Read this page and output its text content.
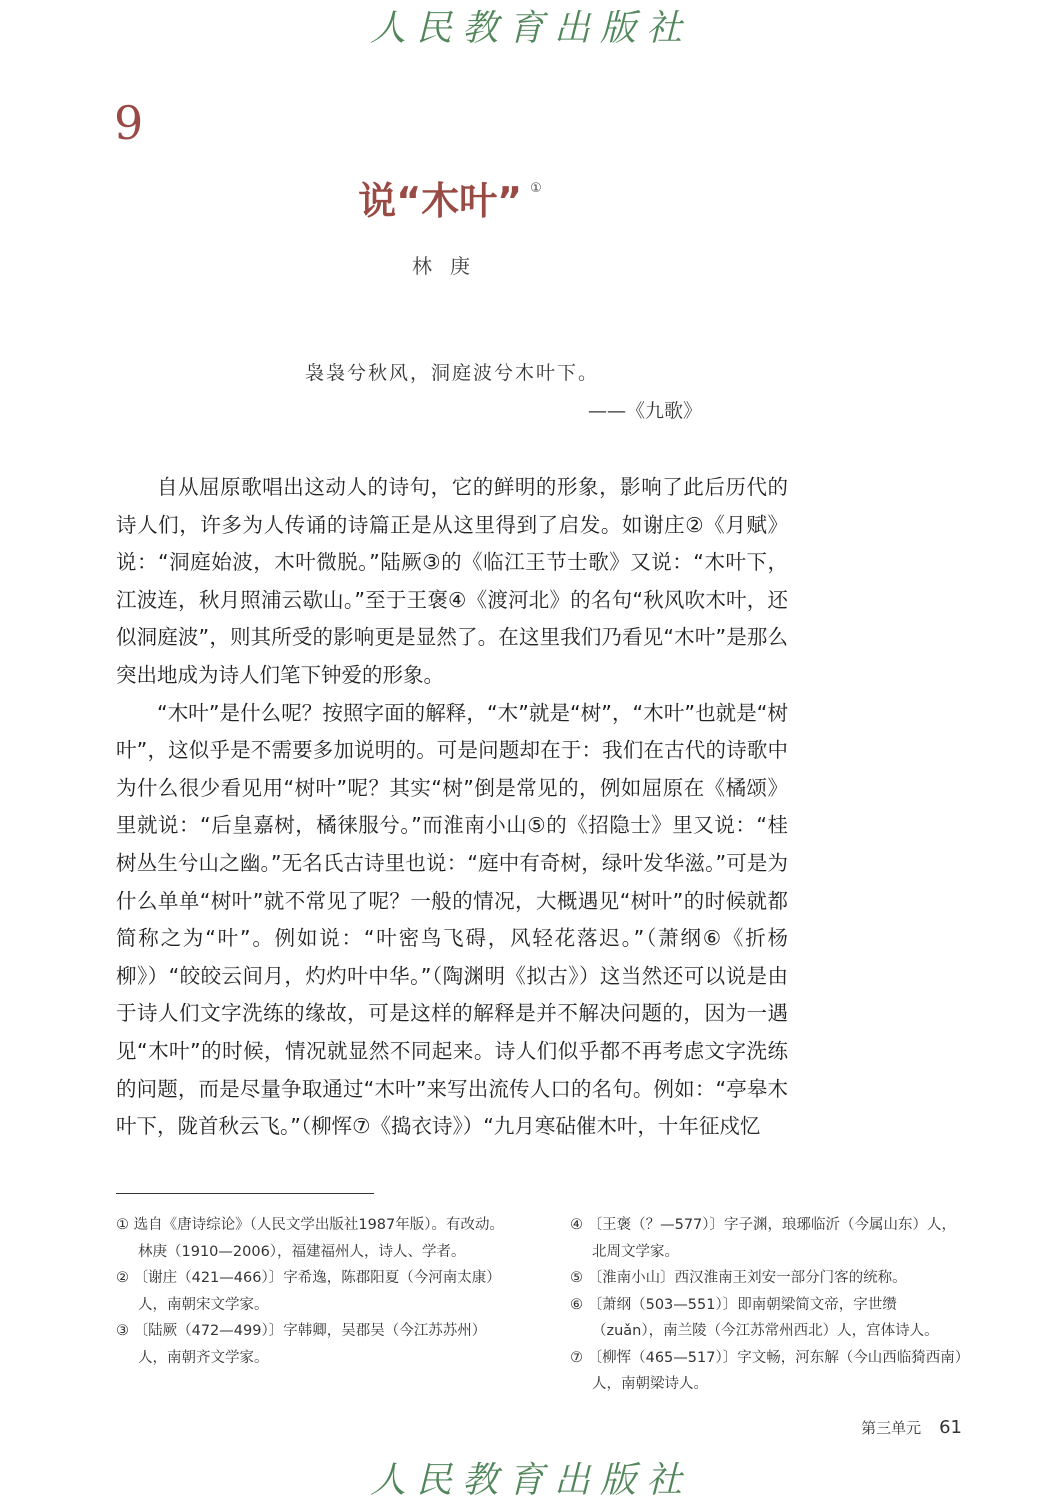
人民教育出版社
9
说“木叶” ①
林庚
袅袅兮秋风，洞庭波兮木叶下。
——《九歌》

自从屈原歌唱出这动人的诗句，它的鲜明的形象，影响了此后历代的诗人们，许多为人传诵的诗篇正是从这里得到了启发。如谢庄②《月赋》说：“洞庭始波，木叶微脱。”陆厥③的《临江王节士歌》又说：“木叶下，江波连，秋月照浦云歇山。”至于王褒④《渡河北》的名句“秋风吹木叶，还似洞庭波”，则其所受的影响更是显然了。在这里我们乃看见“木叶”是那么突出地成为诗人们笔下钟爱的形象。

“木叶”是什么呢？按照字面的解释，“木”就是“树”，“木叶”也就是“树叶”，这似乎是不需要多加说明的。可是问题却在于：我们在古代的诗歌中为什么很少看见用“树叶”呢？其实“树”倒是常见的，例如屈原在《橘颂》里就说：“后皇嘉树，橘徕服兮。”而淮南小山⑤的《招隐士》里又说：“桂树丛生兮山之幽。”无名氏古诗里也说：“庭中有奇树，绿叶发华滋。”可是为什么单单“树叶”就不常见了呢？一般的情况，大概遇见“树叶”的时候就都简称之为“叶”。例如说：“叶密鸟飞碍，风轻花落迟。”（萧纲⑥《折杨柳》）“皎皎云间月，灼灼叶中华。”（陶渊明《拟古》）这当然还可以说是由于诗人们文字洗练的缘故，可是这样的解释是并不解决问题的，因为一遇见“木叶”的时候，情况就显然不同起来。诗人们似乎都不再考虑文字洗练的问题，而是尽量争取通过“木叶”来写出流传人口的名句。例如：“亭皋木叶下，陇首秋云飞。”（柳恽⑦《捣衣诗》）“九月寒砧催木叶，十年征戍忆

① 选自《唐诗综论》（人民文学出版社1987年版）。有改动。林庚（1910—2006），福建福州人，诗人、学者。

② 〔谢庄（421—466）〕字希逸，陈郡阳夏（今河南太康）人，南朝宋文学家。

③ 〔陆厥（472—499）〕字韩卿，吴郡吴（今江苏苏州）人，南朝齐文学家。

④ 〔王褒（？—577）〕字子渊，琅琊临沂（今属山东）人，北周文学家。

⑤ 〔淮南小山〕西汉淮南王刘安一部分门客的统称。

⑥ 〔萧纲（503—551）〕即南朝梁简文帝，字世缵（zuǎn），南兰陵（今江苏常州西北）人，宫体诗人。

⑦ 〔柳恽（465—517）〕字文畅，河东解（今山西临猗西南）人，南朝梁诗人。

第三单元 61
人民教育出版社
